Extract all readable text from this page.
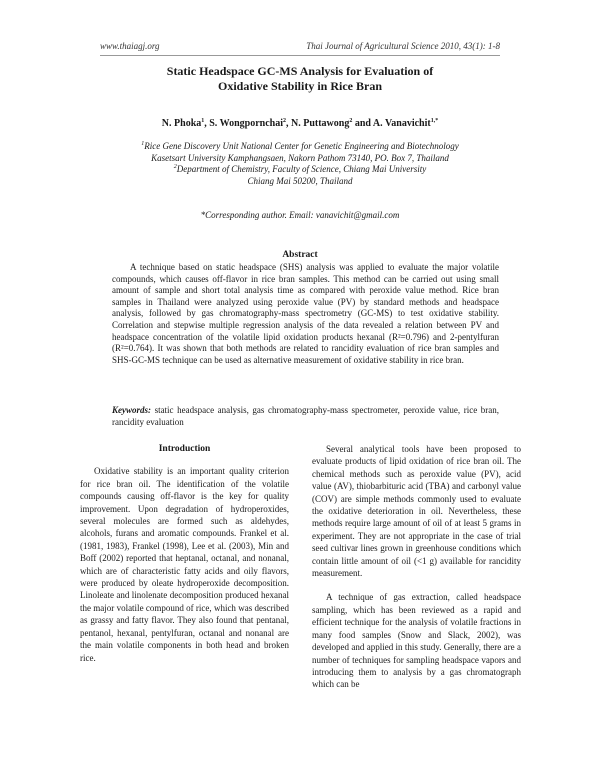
www.thaiagj.org	Thai Journal of Agricultural Science 2010, 43(1): 1-8
Static Headspace GC-MS Analysis for Evaluation of
Oxidative Stability in Rice Bran
N. Phoka$^1$, S. Wongpornchai$^2$, N. Puttawong$^2$ and A. Vanavichit$^{1,*}$
$^1$Rice Gene Discovery Unit National Center for Genetic Engineering and Biotechnology
Kasetsart University Kamphangsaen, Nakorn Pathom 73140, PO. Box 7, Thailand
$^2$Department of Chemistry, Faculty of Science, Chiang Mai University
Chiang Mai 50200, Thailand
*Corresponding author. Email: vanavichit@gmail.com
Abstract
A technique based on static headspace (SHS) analysis was applied to evaluate the major volatile compounds, which causes off-flavor in rice bran samples. This method can be carried out using small amount of sample and short total analysis time as compared with peroxide value method. Rice bran samples in Thailand were analyzed using peroxide value (PV) by standard methods and headspace analysis, followed by gas chromatography-mass spectrometry (GC-MS) to test oxidative stability. Correlation and stepwise multiple regression analysis of the data revealed a relation between PV and headspace concentration of the volatile lipid oxidation products hexanal (R²=0.796) and 2-pentylfuran (R²=0.764). It was shown that both methods are related to rancidity evaluation of rice bran samples and SHS-GC-MS technique can be used as alternative measurement of oxidative stability in rice bran.
Keywords: static headspace analysis, gas chromatography-mass spectrometer, peroxide value, rice bran, rancidity evaluation
Introduction

Oxidative stability is an important quality criterion for rice bran oil. The identification of the volatile compounds causing off-flavor is the key for quality improvement. Upon degradation of hydroperoxides, several molecules are formed such as aldehydes, alcohols, furans and aromatic compounds. Frankel et al. (1981, 1983), Frankel (1998), Lee et al. (2003), Min and Boff (2002) reported that heptanal, octanal, and nonanal, which are of characteristic fatty acids and oily flavors, were produced by oleate hydroperoxide decomposition. Linoleate and linolenate decomposition produced hexanal the major volatile compound of rice, which was described as grassy and fatty flavor. They also found that pentanal, pentanol, hexanal, pentylfuran, octanal and nonanal are the main volatile components in both head and broken rice.

Several analytical tools have been proposed to evaluate products of lipid oxidation of rice bran oil. The chemical methods such as peroxide value (PV), acid value (AV), thiobarbituric acid (TBA) and carbonyl value (COV) are simple methods commonly used to evaluate the oxidative deterioration in oil. Nevertheless, these methods require large amount of oil of at least 5 grams in experiment. They are not appropriate in the case of trial seed cultivar lines grown in greenhouse conditions which contain little amount of oil (<1 g) available for rancidity measurement.

A technique of gas extraction, called headspace sampling, which has been reviewed as a rapid and efficient technique for the analysis of volatile fractions in many food samples (Snow and Slack, 2002), was developed and applied in this study. Generally, there are a number of techniques for sampling headspace vapors and introducing them to analysis by a gas chromatograph which can be
